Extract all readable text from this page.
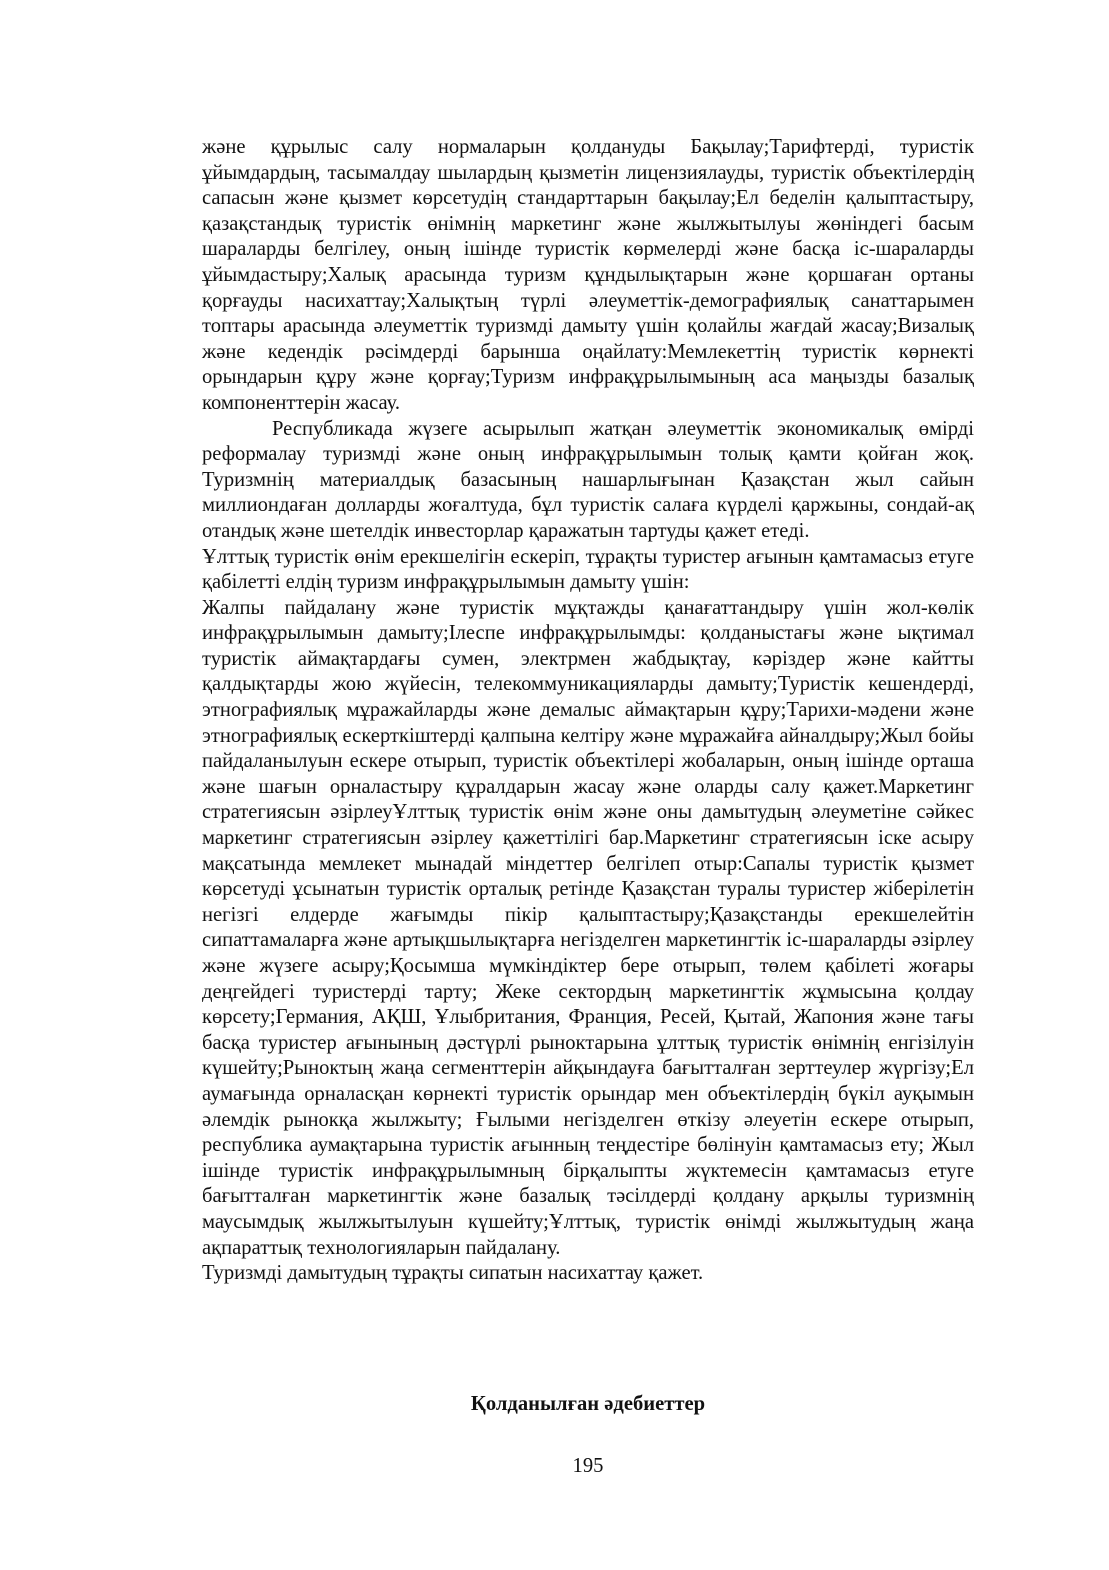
және құрылыс салу нормаларын қолдануды Бақылау;Тарифтерді, туристік ұйымдардың, тасымалдау шылардың қызметін лицензиялауды, туристік объектілердің сапасын және қызмет көрсетудің стандарттарын бақылау;Ел беделін қалыптастыру, қазақстандық туристік өнімнің маркетинг және жылжытылуы жөніндегі басым шараларды белгілеу, оның ішінде туристік көрмелерді және басқа іс-шараларды ұйымдастыру;Халық арасында туризм құндылықтарын және қоршаған ортаны қорғауды насихаттау;Халықтың түрлі әлеуметтік-демографиялық санаттарымен топтары арасында әлеуметтік туризмді дамыту үшін қолайлы жағдай жасау;Визалық және кедендік рәсімдерді барынша оңайлату:Мемлекеттің туристік көрнекті орындарын құру және қорғау;Туризм инфрақұрылымының аса маңызды базалық компоненттерін жасау.

Республикада жүзеге асырылып жатқан әлеуметтік экономикалық өмірді реформалау туризмді және оның инфрақұрылымын толық қамти қойған жоқ. Туризмнің материалдық базасының нашарлығынан Қазақстан жыл сайын миллиондаған долларды жоғалтуда, бұл туристік салаға күрделі қаржыны, сондай-ақ отандық және шетелдік инвесторлар қаражатын тартуды қажет етеді.

Ұлттық туристік өнім ерекшелігін ескеріп, тұрақты туристер ағынын қамтамасыз етуге қабілетті елдің туризм инфрақұрылымын дамыту үшін:

Жалпы пайдалану және туристік мұқтажды қанағаттандыру үшін жол-көлік инфрақұрылымын дамыту;Ілеспе инфрақұрылымды: қолданыстағы және ықтимал туристік аймақтардағы сумен, электрмен жабдықтау, кәріздер және кайтты қалдықтарды жою жүйесін, телекоммуникацияларды дамыту;Туристік кешендерді, этнографиялық мұражайларды және демалыс аймақтарын құру;Тарихи-мәдени және этнографиялық ескерткіштерді қалпына келтіру және мұражайға айналдыру;Жыл бойы пайдаланылуын ескере отырып, туристік объектілері жобаларын, оның ішінде орташа және шағын орналастыру құралдарын жасау және оларды салу қажет.Маркетинг стратегиясын әзірлеуҰлттық туристік өнім және оны дамытудың әлеуметіне сәйкес маркетинг стратегиясын әзірлеу қажеттілігі бар.Маркетинг стратегиясын іске асыру мақсатында мемлекет мынадай міндеттер белгілеп отыр:Сапалы туристік қызмет көрсетуді ұсынатын туристік орталық ретінде Қазақстан туралы туристер жіберілетін негізгі елдерде жағымды пікір қалыптастыру;Қазақстанды ерекшелейтін сипаттамаларға және артықшылықтарға негізделген маркетингтік іс-шараларды әзірлеу және жүзеге асыру;Қосымша мүмкіндіктер бере отырып, төлем қабілеті жоғары деңгейдегі туристерді тарту; Жеке сектордың маркетингтік жұмысына қолдау көрсету;Германия, АҚШ, Ұлыбритания, Франция, Ресей, Қытай, Жапония және тағы басқа туристер ағынының дәстүрлі рыноктарына ұлттық туристік өнімнің енгізілуін күшейту;Рыноктың жаңа сегменттерін айқындауға бағытталған зерттеулер жүргізу;Ел аумағында орналасқан көрнекті туристік орындар мен объектілердің бүкіл ауқымын әлемдік рынокқа жылжыту; Ғылыми негізделген өткізу әлеуетін ескере отырып, республика аумақтарына туристік ағынның теңдестіре бөлінуін қамтамасыз ету; Жыл ішінде туристік инфрақұрылымның бірқалыпты жүктемесін қамтамасыз етуге бағытталған маркетингтік және базалық тәсілдерді қолдану арқылы туризмнің маусымдық жылжытылуын күшейту;Ұлттық, туристік өнімді жылжытудың жаңа ақпараттық технологияларын пайдалану.

Туризмді дамытудың тұрақты сипатын насихаттау қажет.

Қолданылған әдебиеттер
195
